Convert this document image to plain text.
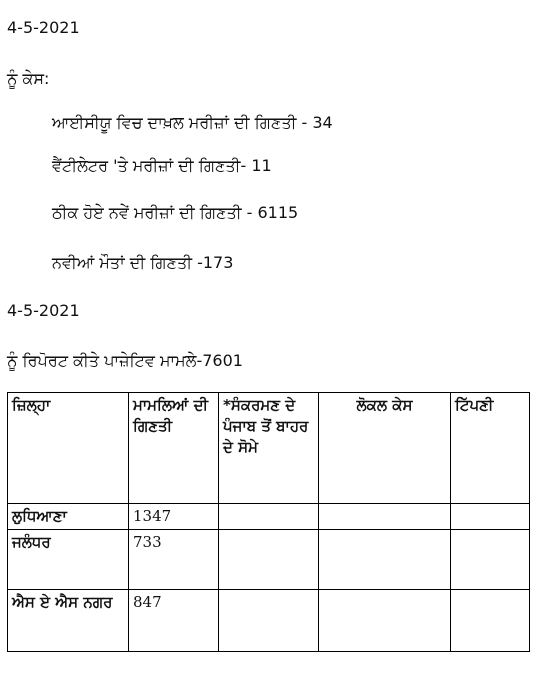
4-5-2021
ਨੂੰ ਕੇਸ:
ਆਈਸੀਯੂ ਵਿਚ ਦਾਖ਼ਲ ਮਰੀਜ਼ਾਂ ਦੀ ਗਿਣਤੀ - 34
ਵੈਂਟੀਲੇਟਰ 'ਤੇ ਮਰੀਜ਼ਾਂ ਦੀ ਗਿਣਤੀ- 11
ਠੀਕ ਹੋਏ ਨਵੇਂ ਮਰੀਜ਼ਾਂ ਦੀ ਗਿਣਤੀ - 6115
ਨਵੀਆਂ ਮੌਤਾਂ ਦੀ ਗਿਣਤੀ -173
4-5-2021
ਨੂੰ ਰਿਪੋਰਟ ਕੀਤੇ ਪਾਜ਼ੇਟਿਵ ਮਾਮਲੇ-7601
ਜ਼ਿਲ੍ਹਾ	ਮਾਮਲਿਆਂ ਦੀ ਗਿਣਤੀ	*ਸੰਕਰਮਣ ਦੇ ਪੰਜਾਬ ਤੋਂ ਬਾਹਰ ਦੇ ਸੋਮੇ	ਲੋਕਲ ਕੇਸ	ਟਿੱਪਣੀ
ਲੁਧਿਆਣਾ	1347			
ਜਲੰਧਰ	733			
ਐਸ ਏ ਐਸ ਨਗਰ	847			
